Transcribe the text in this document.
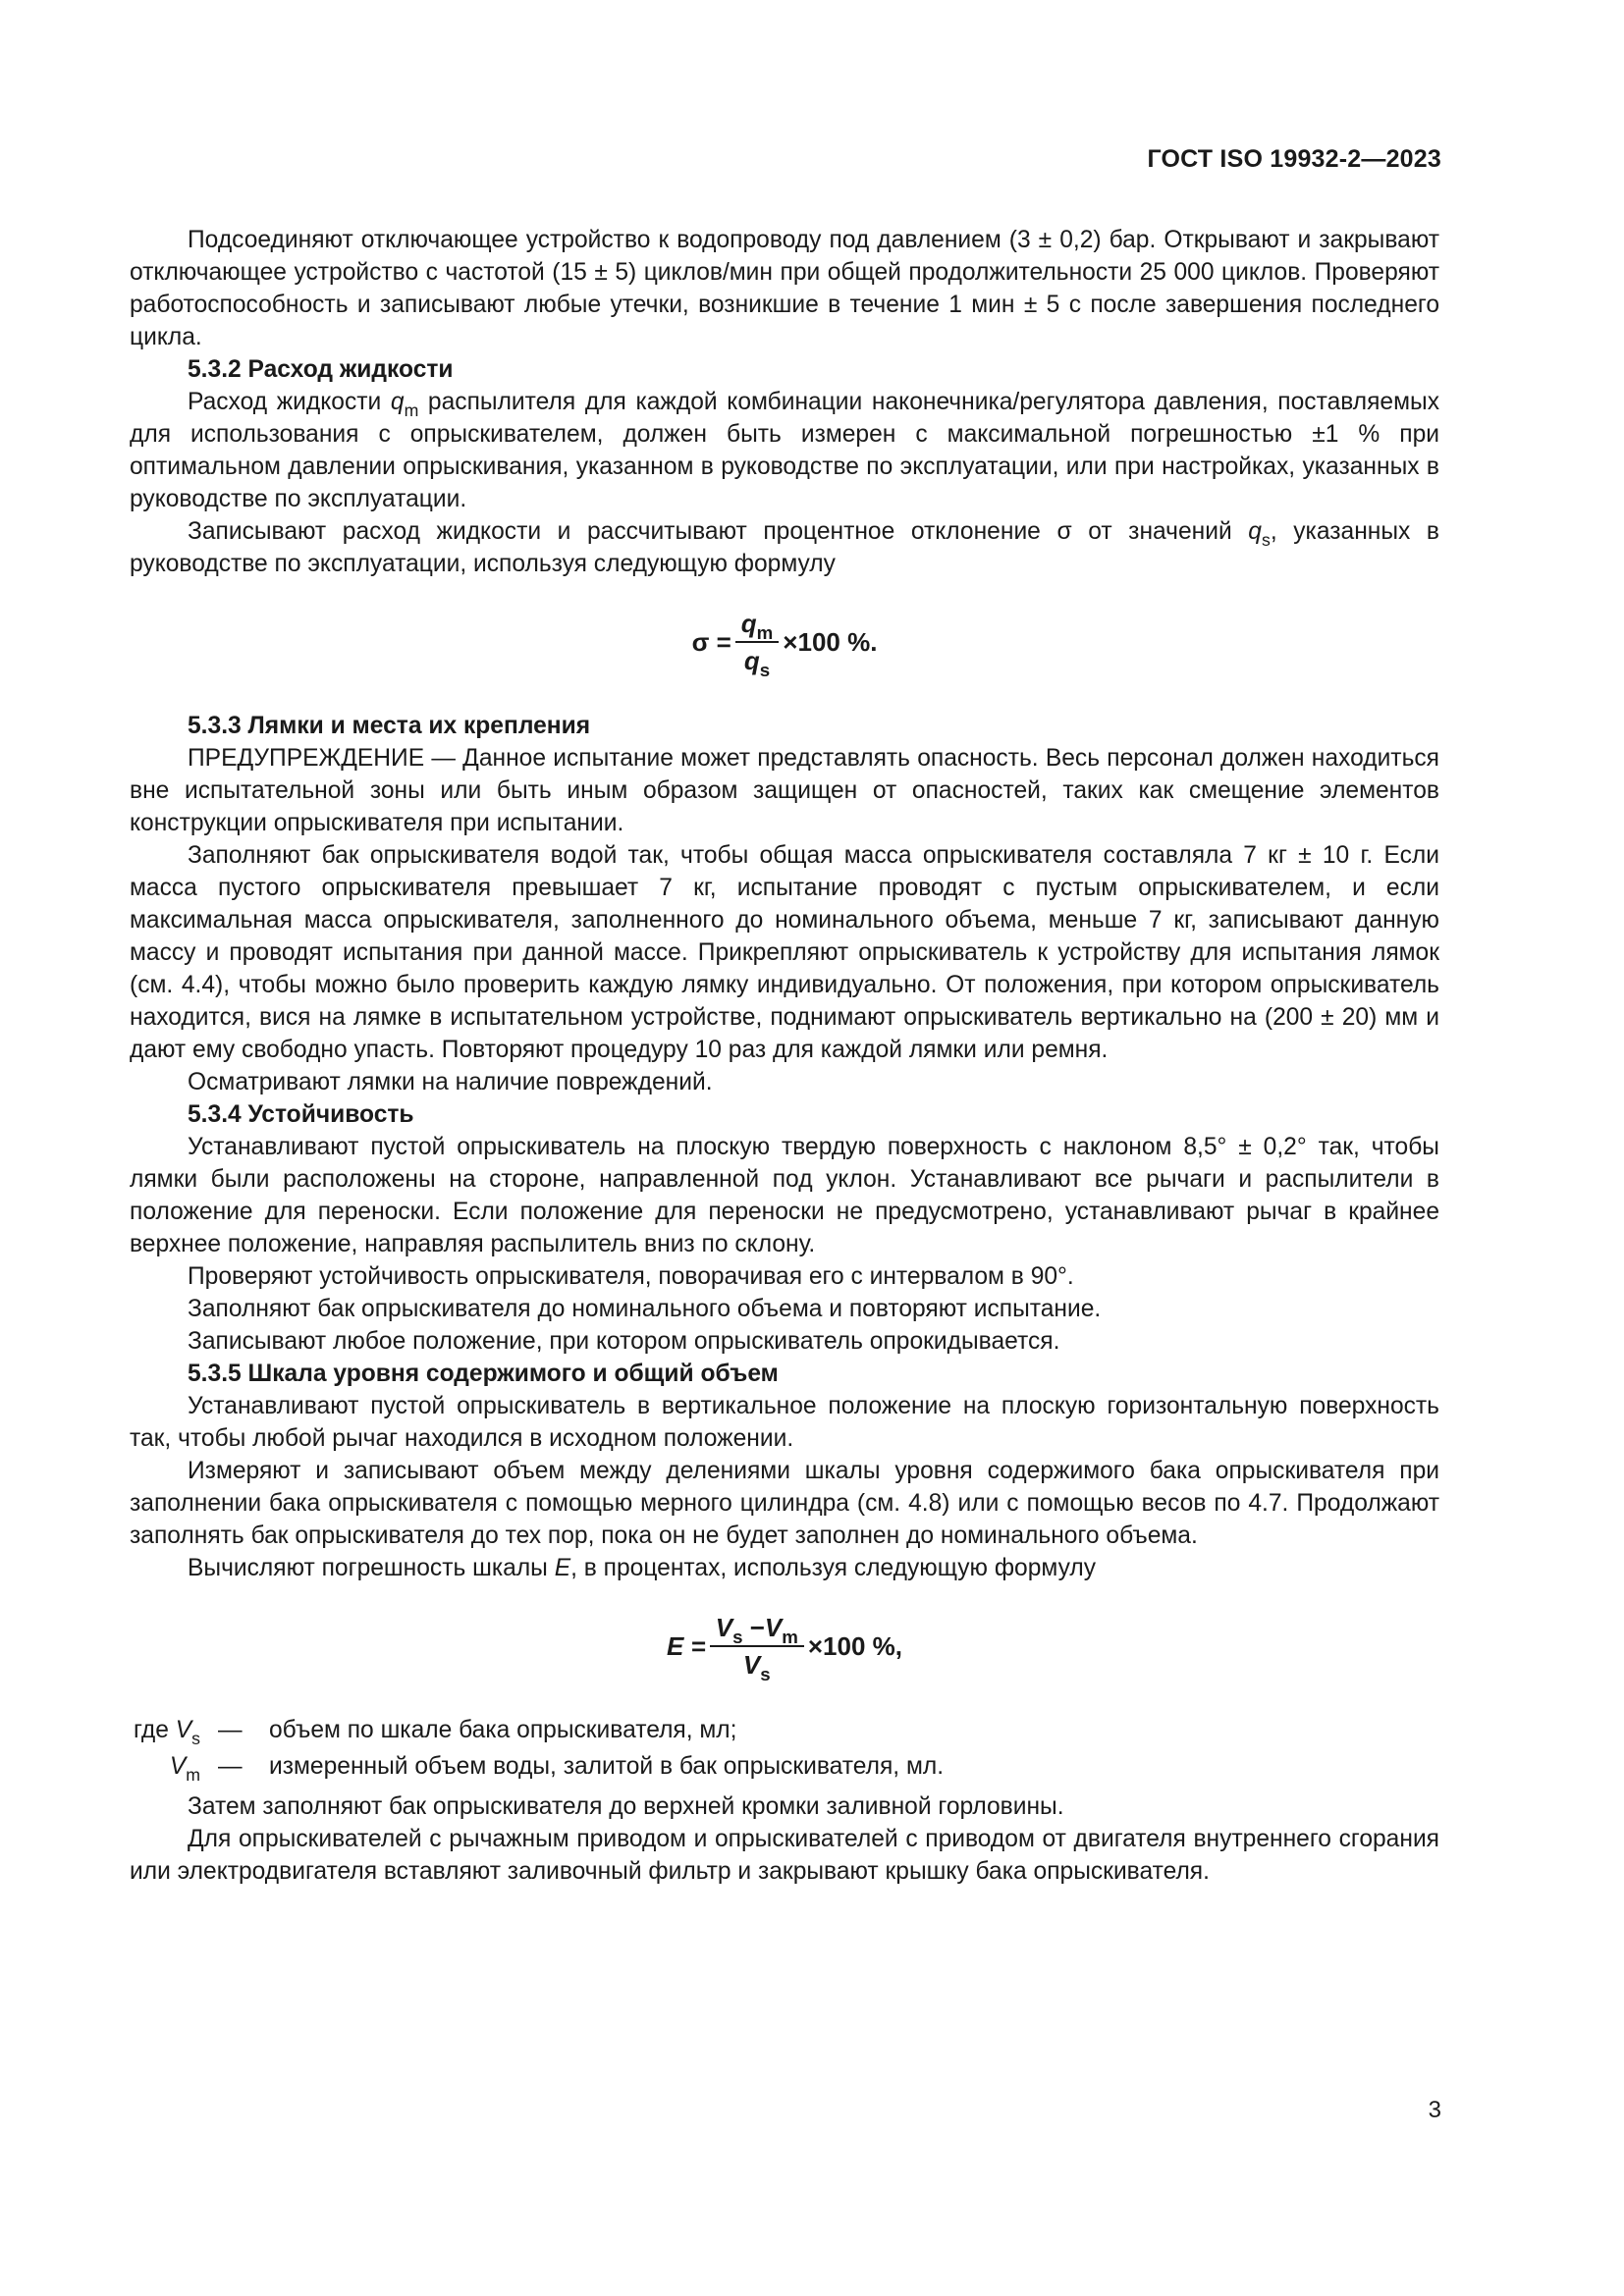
ГОСТ ISO 19932-2—2023

Подсоединяют отключающее устройство к водопроводу под давлением (3 ± 0,2) бар. Открывают и закрывают отключающее устройство с частотой (15 ± 5) циклов/мин при общей продолжительности 25 000 циклов. Проверяют работоспособность и записывают любые утечки, возникшие в течение 1 мин ± 5 с после завершения последнего цикла.

5.3.2 Расход жидкости

Расход жидкости $q_m$ распылителя для каждой комбинации наконечника/регулятора давления, поставляемых для использования с опрыскивателем, должен быть измерен с максимальной погрешностью ±1 % при оптимальном давлении опрыскивания, указанном в руководстве по эксплуатации, или при настройках, указанных в руководстве по эксплуатации.

Записывают расход жидкости и рассчитывают процентное отклонение σ от значений $q_s$, указанных в руководстве по эксплуатации, используя следующую формулу

$\sigma = \frac{q_m}{q_s} \times 100$ %.
5.3.3 Лямки и места их крепления

ПРЕДУПРЕЖДЕНИЕ — Данное испытание может представлять опасность. Весь персонал должен находиться вне испытательной зоны или быть иным образом защищен от опасностей, таких как смещение элементов конструкции опрыскивателя при испытании.

Заполняют бак опрыскивателя водой так, чтобы общая масса опрыскивателя составляла 7 кг ± 10 г. Если масса пустого опрыскивателя превышает 7 кг, испытание проводят с пустым опрыскивателем, и если максимальная масса опрыскивателя, заполненного до номинального объема, меньше 7 кг, записывают данную массу и проводят испытания при данной массе. Прикрепляют опрыскиватель к устройству для испытания лямок (см. 4.4), чтобы можно было проверить каждую лямку индивидуально. От положения, при котором опрыскиватель находится, вися на лямке в испытательном устройстве, поднимают опрыскиватель вертикально на (200 ± 20) мм и дают ему свободно упасть. Повторяют процедуру 10 раз для каждой лямки или ремня.

Осматривают лямки на наличие повреждений.

5.3.4 Устойчивость

Устанавливают пустой опрыскиватель на плоскую твердую поверхность с наклоном 8,5° ± 0,2° так, чтобы лямки были расположены на стороне, направленной под уклон. Устанавливают все рычаги и распылители в положение для переноски. Если положение для переноски не предусмотрено, устанавливают рычаг в крайнее верхнее положение, направляя распылитель вниз по склону.

Проверяют устойчивость опрыскивателя, поворачивая его с интервалом в 90°.

Заполняют бак опрыскивателя до номинального объема и повторяют испытание.

Записывают любое положение, при котором опрыскиватель опрокидывается.

5.3.5 Шкала уровня содержимого и общий объем

Устанавливают пустой опрыскиватель в вертикальное положение на плоскую горизонтальную поверхность так, чтобы любой рычаг находился в исходном положении.

Измеряют и записывают объем между делениями шкалы уровня содержимого бака опрыскивателя при заполнении бака опрыскивателя с помощью мерного цилиндра (см. 4.8) или с помощью весов по 4.7. Продолжают заполнять бак опрыскивателя до тех пор, пока он не будет заполнен до номинального объема.

Вычисляют погрешность шкалы E, в процентах, используя следующую формулу

$E = \frac{V_s -V_m}{V_s} \times 100$ %,
где $V_s$ —	объем по шкале бака опрыскивателя, мл;
$V_m$ —	измеренный объем воды, залитой в бак опрыскивателя, мл.

Затем заполняют бак опрыскивателя до верхней кромки заливной горловины.

Для опрыскивателей с рычажным приводом и опрыскивателей с приводом от двигателя внутреннего сгорания или электродвигателя вставляют заливочный фильтр и закрывают крышку бака опрыскивателя.

3
